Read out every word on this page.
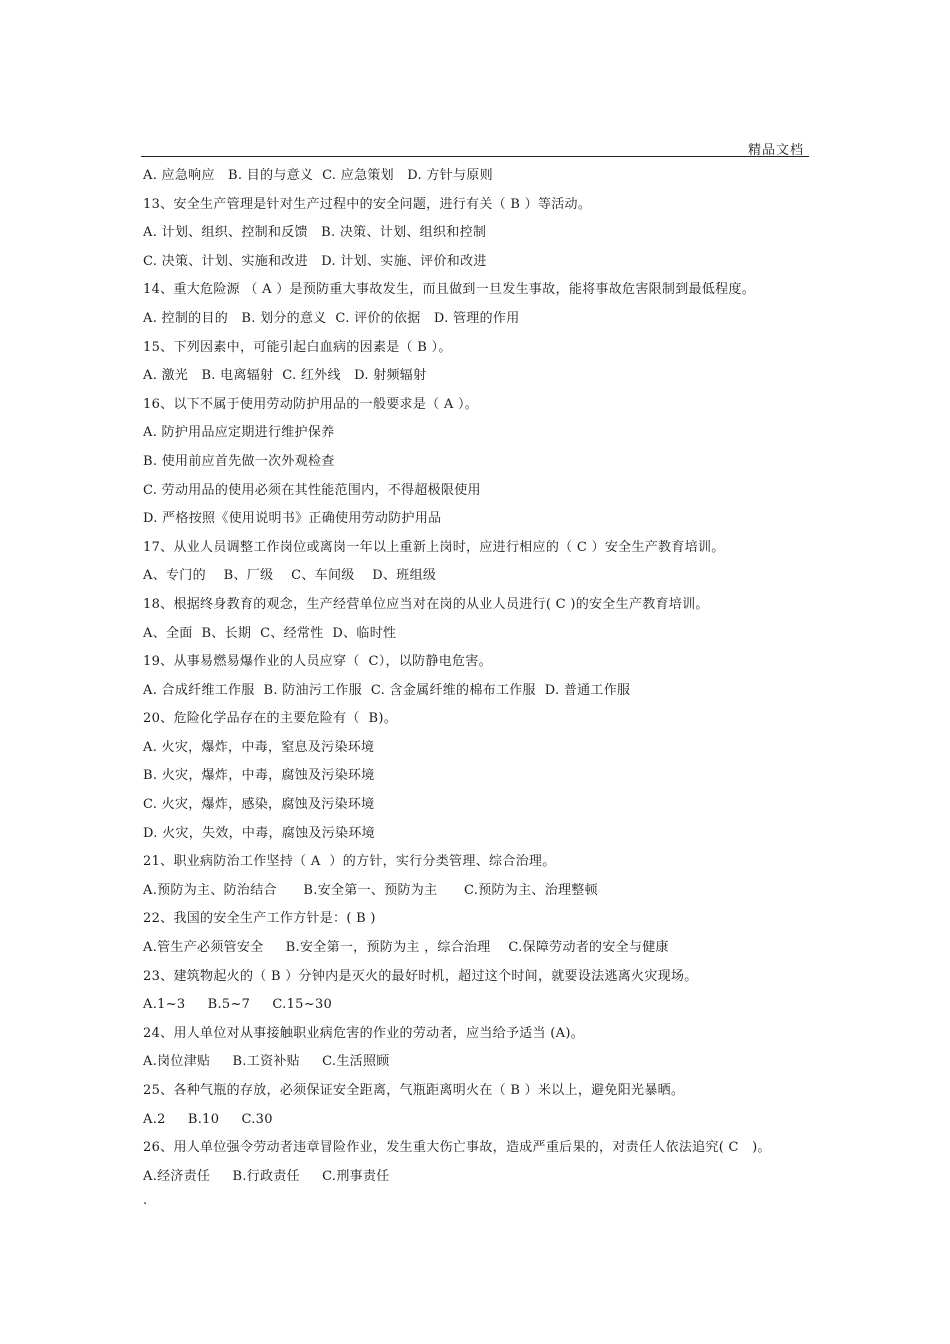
精品文档
A. 应急响应   B. 目的与意义  C. 应急策划   D. 方针与原则
13、安全生产管理是针对生产过程中的安全问题，进行有关（ B ）等活动。
A. 计划、组织、控制和反馈   B. 决策、计划、组织和控制
C. 决策、计划、实施和改进   D. 计划、实施、评价和改进
14、重大危险源 （ A ）是预防重大事故发生，而且做到一旦发生事故，能将事故危害限制到最低程度。
A. 控制的目的   B. 划分的意义  C. 评价的依据   D. 管理的作用
15、下列因素中，可能引起白血病的因素是（ B ）。
A. 激光   B. 电离辐射  C. 红外线   D. 射频辐射
16、以下不属于使用劳动防护用品的一般要求是（ A ）。
A. 防护用品应定期进行维护保养
B. 使用前应首先做一次外观检查
C. 劳动用品的使用必须在其性能范围内，不得超极限使用
D. 严格按照《使用说明书》正确使用劳动防护用品
17、从业人员调整工作岗位或离岗一年以上重新上岗时，应进行相应的（ C ）安全生产教育培训。
A、专门的    B、厂级    C、车间级    D、班组级
18、根据终身教育的观念，生产经营单位应当对在岗的从业人员进行( C )的安全生产教育培训。
A、全面  B、长期  C、经常性  D、临时性
19、从事易燃易爆作业的人员应穿（  C），以防静电危害。
A. 合成纤维工作服  B. 防油污工作服  C. 含金属纤维的棉布工作服  D. 普通工作服
20、危险化学品存在的主要危险有（  B)。
A. 火灾，爆炸，中毒，窒息及污染环境
B. 火灾，爆炸，中毒，腐蚀及污染环境
C. 火灾，爆炸，感染，腐蚀及污染环境
D. 火灾，失效，中毒，腐蚀及污染环境
21、职业病防治工作坚持（ A  ）的方针，实行分类管理、综合治理。
A.预防为主、防治结合      B.安全第一、预防为主      C.预防为主、治理整顿
22、我国的安全生产工作方针是：( B )
A.管生产必须管安全     B.安全第一，预防为主 ，综合治理    C.保障劳动者的安全与健康
23、建筑物起火的（ B ）分钟内是灭火的最好时机，超过这个时间，就要设法逃离火灾现场。
A.1~3     B.5~7     C.15~30
24、用人单位对从事接触职业病危害的作业的劳动者，应当给予适当 (A)。
A.岗位津贴     B.工资补贴     C.生活照顾
25、各种气瓶的存放，必须保证安全距离，气瓶距离明火在（ B ）米以上，避免阳光暴晒。
A.2     B.10     C.30
26、用人单位强令劳动者违章冒险作业，发生重大伤亡事故，造成严重后果的，对责任人依法追究( C   )。
A.经济责任     B.行政责任     C.刑事责任
.
